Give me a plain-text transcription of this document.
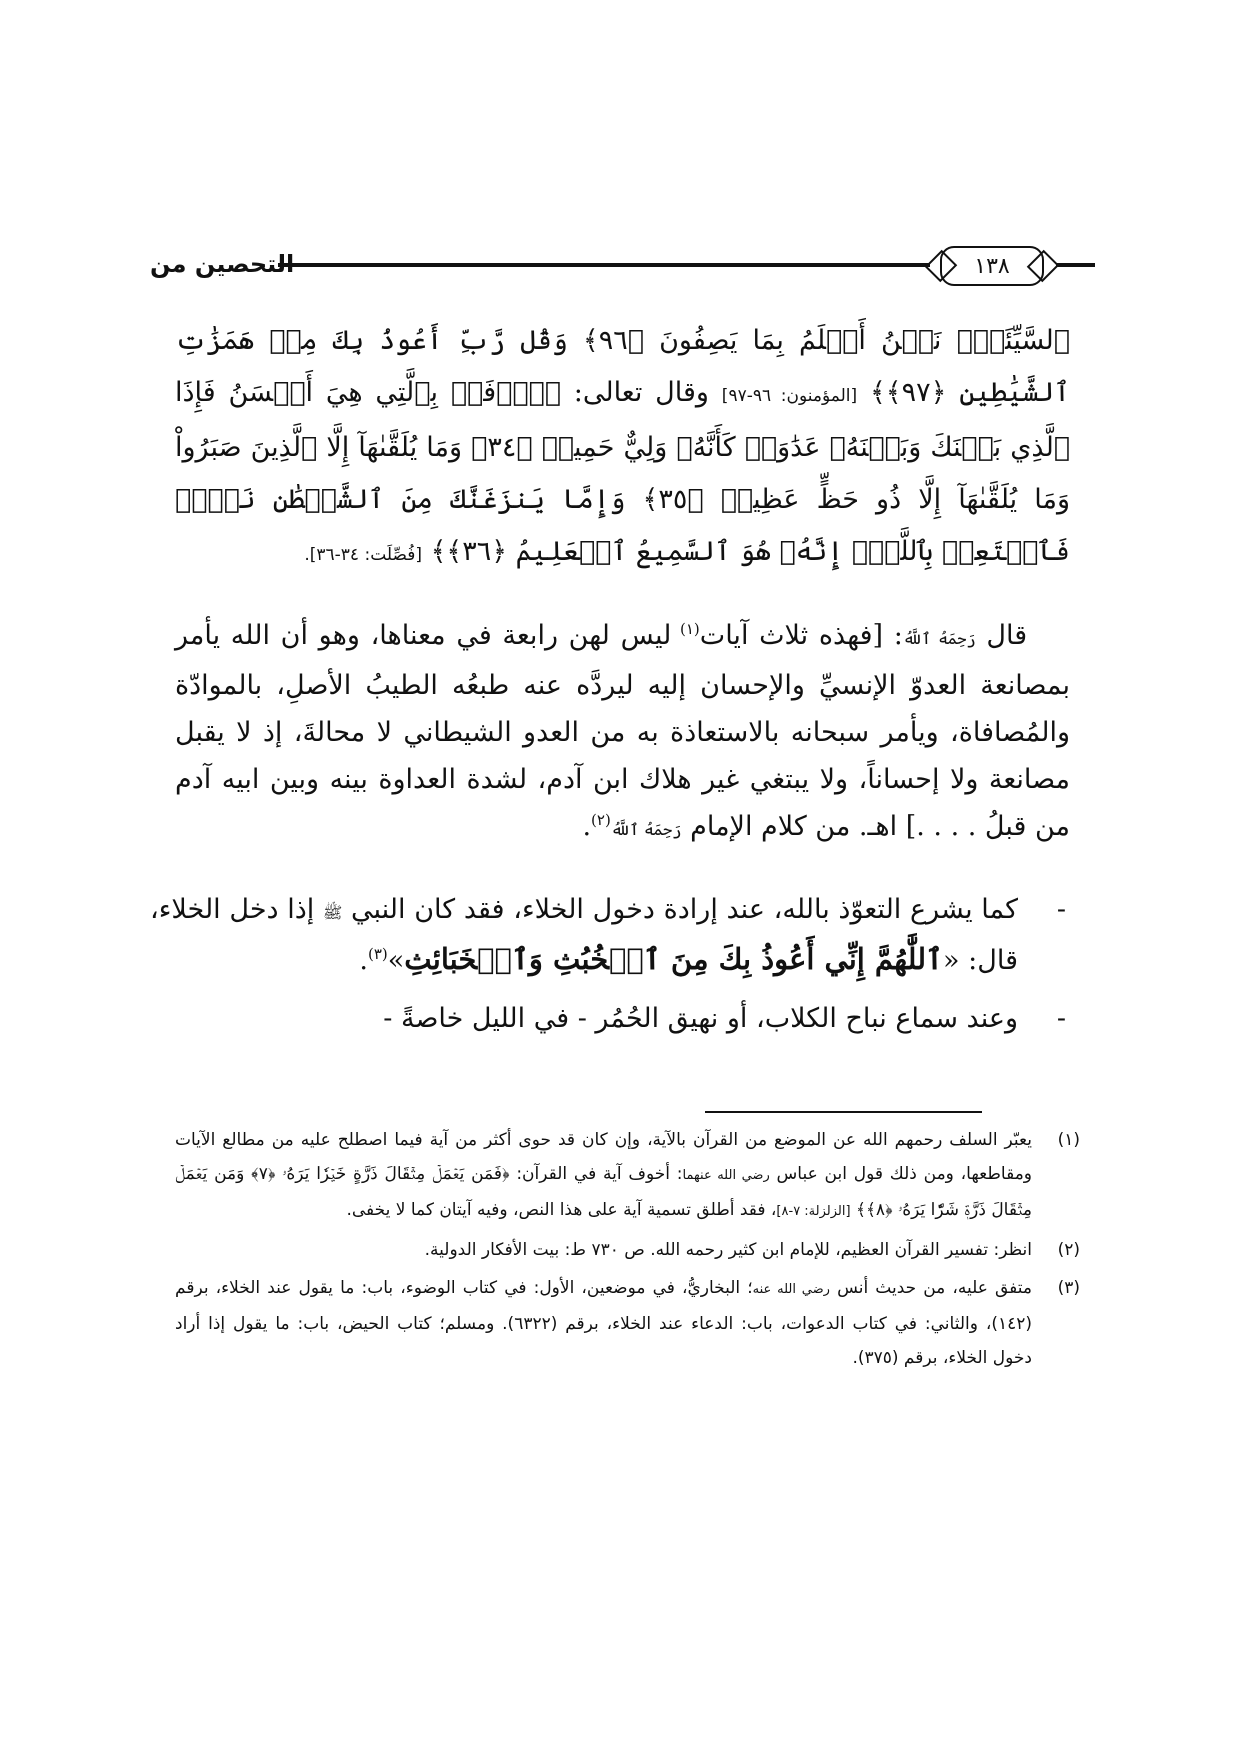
التحصين من	١٣٨
ٱلسَّيِّئَةَۚ نَحۡنُ أَعۡلَمُ بِمَا يَصِفُونَ ﴿٩٦﴾ وَقُل رَّبِّ أَعُوذُ بِكَ مِنۡ هَمَزَٰتِ ٱلشَّيَٰطِينِ ﴿٩٧﴾﴾ [المؤمنون: ٩٦-٩٧] وقال تعالى: ﴿ٱدۡفَعۡ بِٱلَّتِي هِيَ أَحۡسَنُ فَإِذَا ٱلَّذِي بَيۡنَكَ وَبَيۡنَهُۥ عَدَٰوَةٞ كَأَنَّهُۥ وَلِيٌّ حَمِيمٞ ﴿٣٤﴾ وَمَا يُلَقَّىٰهَآ إِلَّا ٱلَّذِينَ صَبَرُواْ وَمَا يُلَقَّىٰهَآ إِلَّا ذُو حَظٍّ عَظِيمٖ ﴿٣٥﴾ وَإِمَّا يَنزَغَنَّكَ مِنَ ٱلشَّيۡطَٰنِ نَزۡغٞ فَٱسۡتَعِذۡ بِٱللَّهِۖ إِنَّهُۥ هُوَ ٱلسَّمِيعُ ٱلۡعَلِيمُ ﴿٣٦﴾﴾ [فُصِّلَت: ٣٤-٣٦].
قال رَحِمَهُ ٱللَّهُ: [فهذه ثلاث آيات$^{(١)}$ ليس لهن رابعة في معناها، وهو أن الله يأمر بمصانعة العدوّ الإنسيِّ والإحسان إليه ليردَّه عنه طبعُه الطيبُ الأصلِ، بالموادّة والمُصافاة، ويأمر سبحانه بالاستعاذة به من العدو الشيطاني لا محالةَ، إذ لا يقبل مصانعة ولا إحساناً، ولا يبتغي غير هلاك ابن آدم، لشدة العداوة بينه وبين ابيه آدم من قبلُ . . . .] اهـ. من كلام الإمام رَحِمَهُ ٱللَّهُ$^{(٢)}$.
-
كما يشرع التعوّذ بالله، عند إرادة دخول الخلاء، فقد كان النبي ﷺ إذا دخل الخلاء، قال: «ٱللَّٰهُمَّ إِنِّي أَعُوذُ بِكَ مِنَ ٱلۡخُبُثِ وَٱلۡخَبَائِثِ»$^{(٣)}$.
-
وعند سماع نباح الكلاب، أو نهيق الحُمُر - في الليل خاصةً -
(١)
يعبّر السلف رحمهم الله عن الموضع من القرآن بالآية، وإن كان قد حوى أكثر من آية فيما اصطلح عليه من مطالع الآيات ومقاطعها، ومن ذلك قول ابن عباس رضي الله عنهما: أخوف آية في القرآن: ﴿فَمَن يَعۡمَلۡ مِثۡقَالَ ذَرَّةٍ خَيۡرٗا يَرَهُۥ ﴿٧﴾ وَمَن يَعۡمَلۡ مِثۡقَالَ ذَرَّةٖ شَرّٗا يَرَهُۥ ﴿٨﴾﴾ [الزلزلة: ٧-٨]، فقد أطلق تسمية آية على هذا النص، وفيه آيتان كما لا يخفى.
(٢)
انظر: تفسير القرآن العظيم، للإمام ابن كثير رحمه الله. ص ٧٣٠ ط: بيت الأفكار الدولية.
(٣)
متفق عليه، من حديث أنس رضي الله عنه؛ البخاريُّ، في موضعين، الأول: في كتاب الوضوء، باب: ما يقول عند الخلاء، برقم (١٤٢)، والثاني: في كتاب الدعوات، باب: الدعاء عند الخلاء، برقم (٦٣٢٢). ومسلم؛ كتاب الحيض، باب: ما يقول إذا أراد دخول الخلاء، برقم (٣٧٥).
